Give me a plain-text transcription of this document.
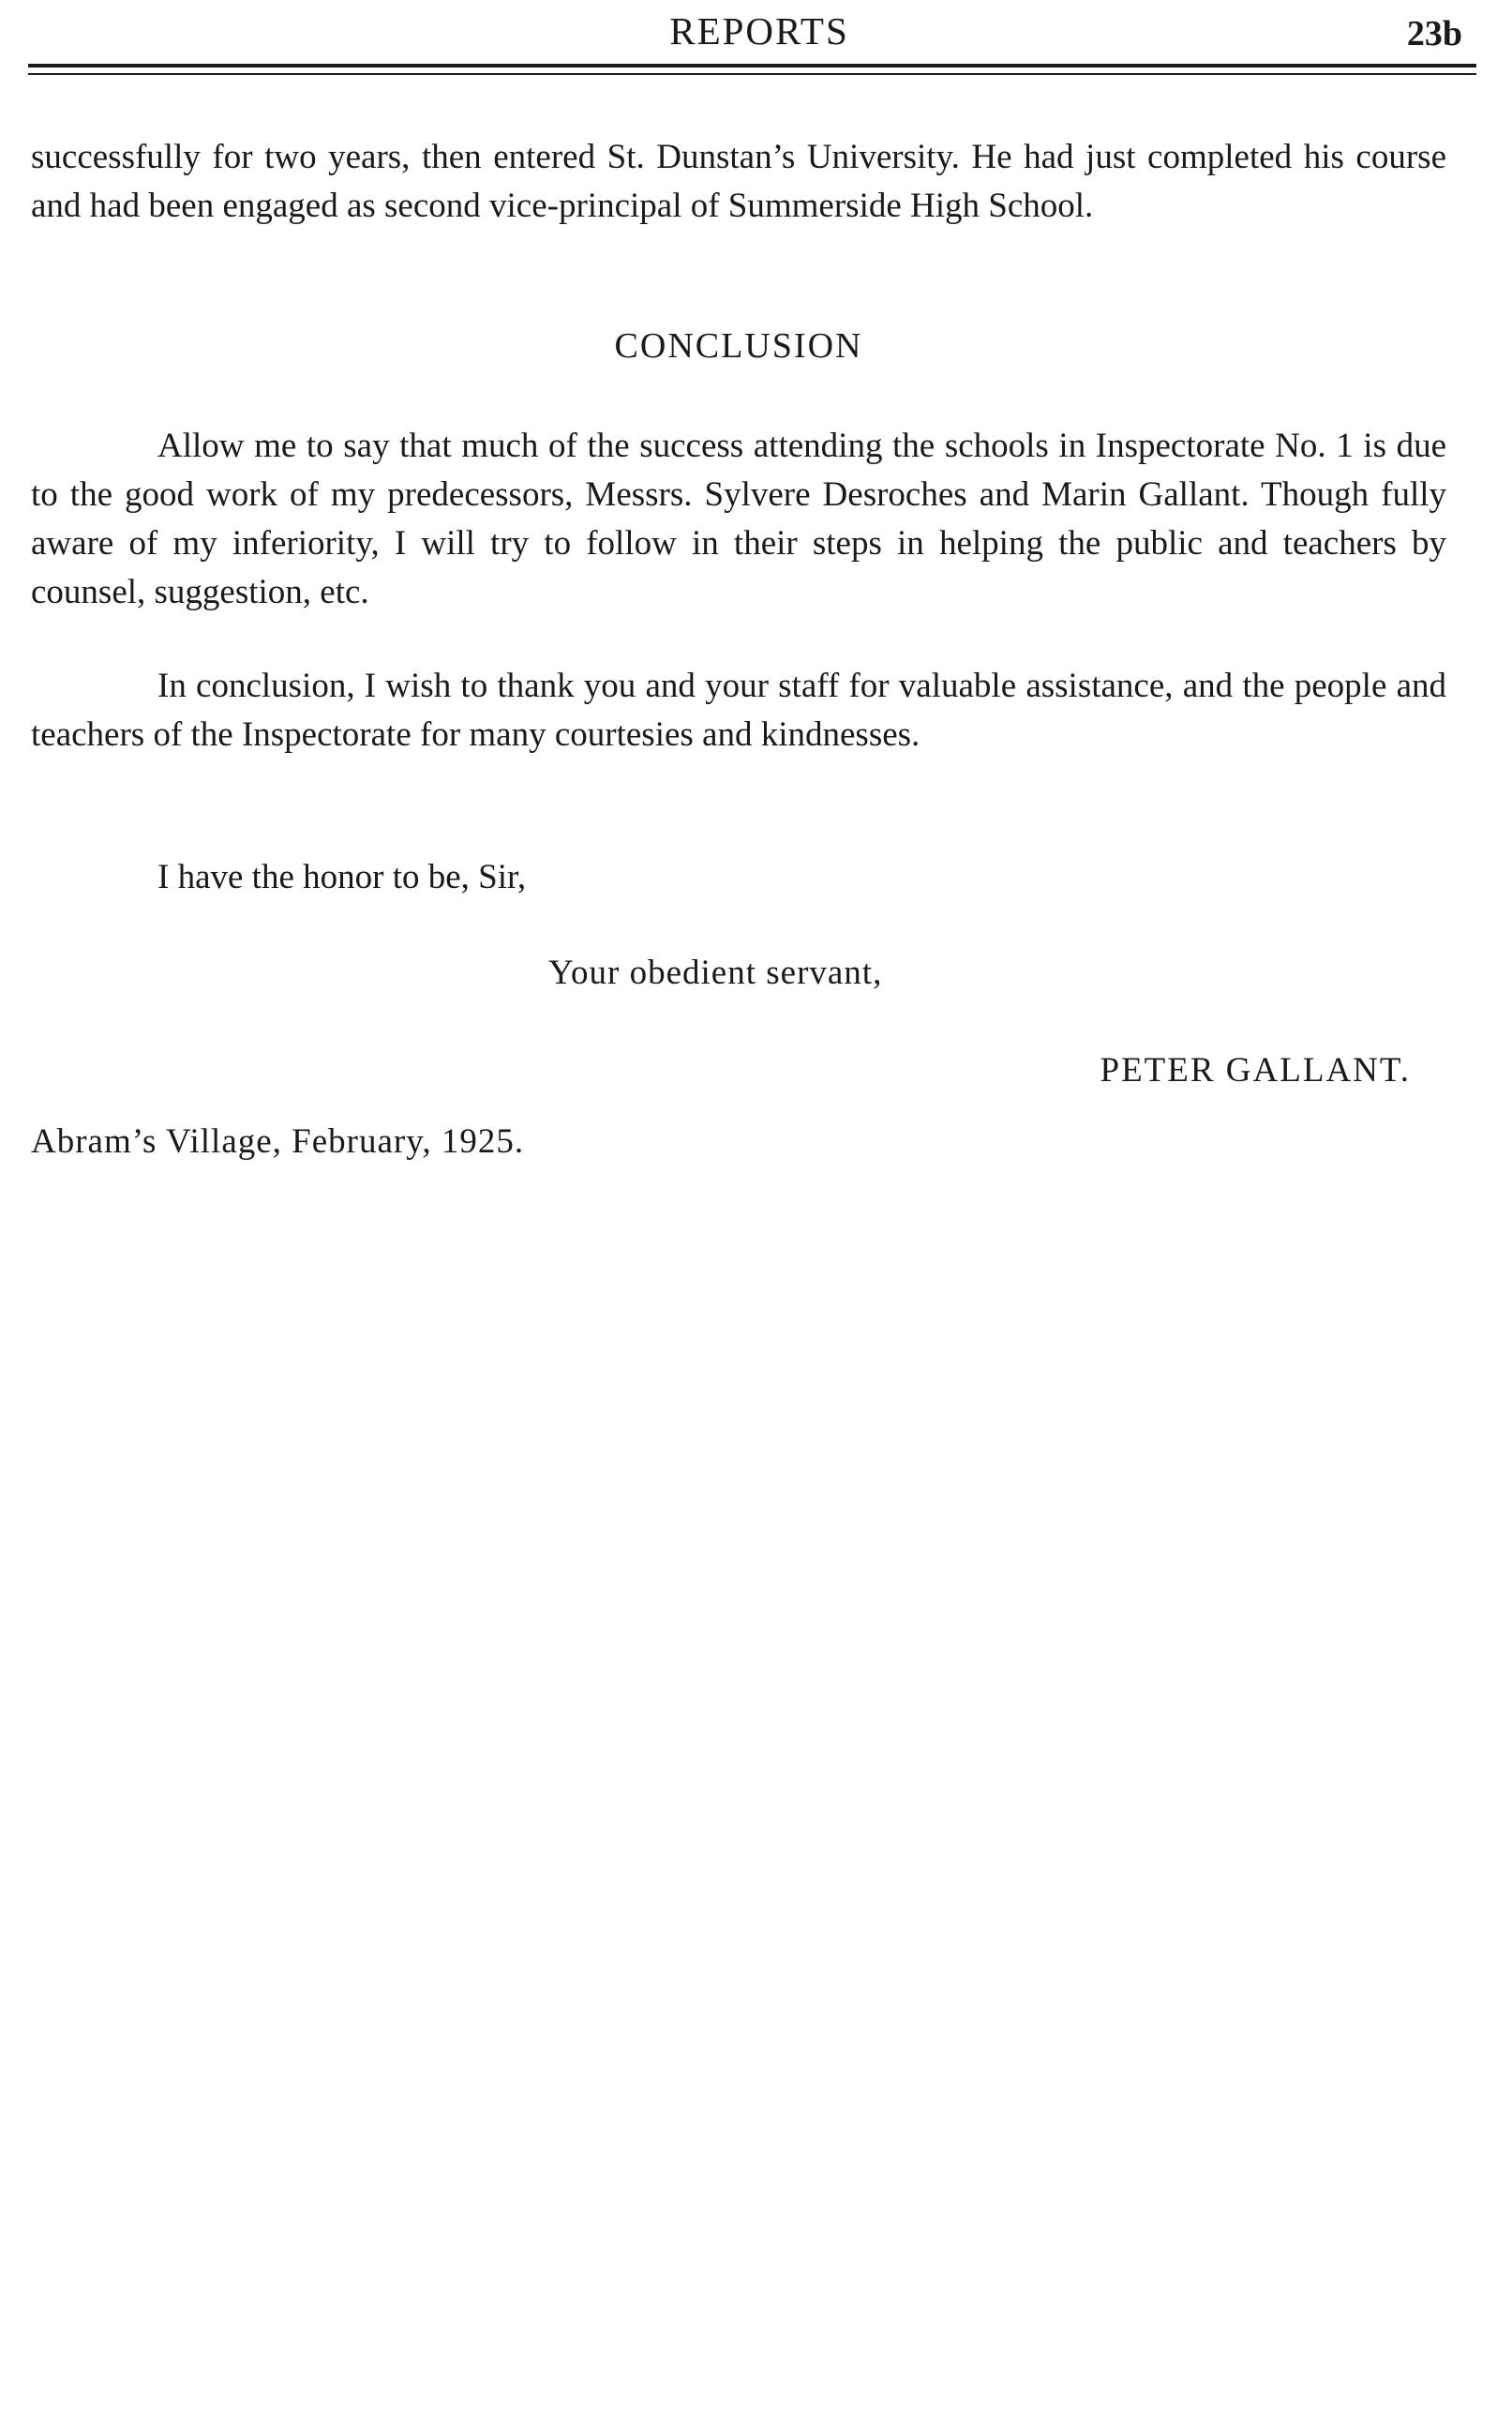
REPORTS	23b

successfully for two years, then entered St. Dunstan’s University. He had just completed his course and had been engaged as second vice-principal of Summerside High School.

CONCLUSION

Allow me to say that much of the success attending the schools in Inspectorate No. 1 is due to the good work of my predecessors, Messrs. Sylvere Desroches and Marin Gallant. Though fully aware of my inferiority, I will try to follow in their steps in helping the public and teachers by counsel, suggestion, etc.

In conclusion, I wish to thank you and your staff for valuable assistance, and the people and teachers of the Inspectorate for many courtesies and kindnesses.

I have the honor to be, Sir,
Your obedient servant,
PETER GALLANT.
Abram’s Village, February, 1925.
